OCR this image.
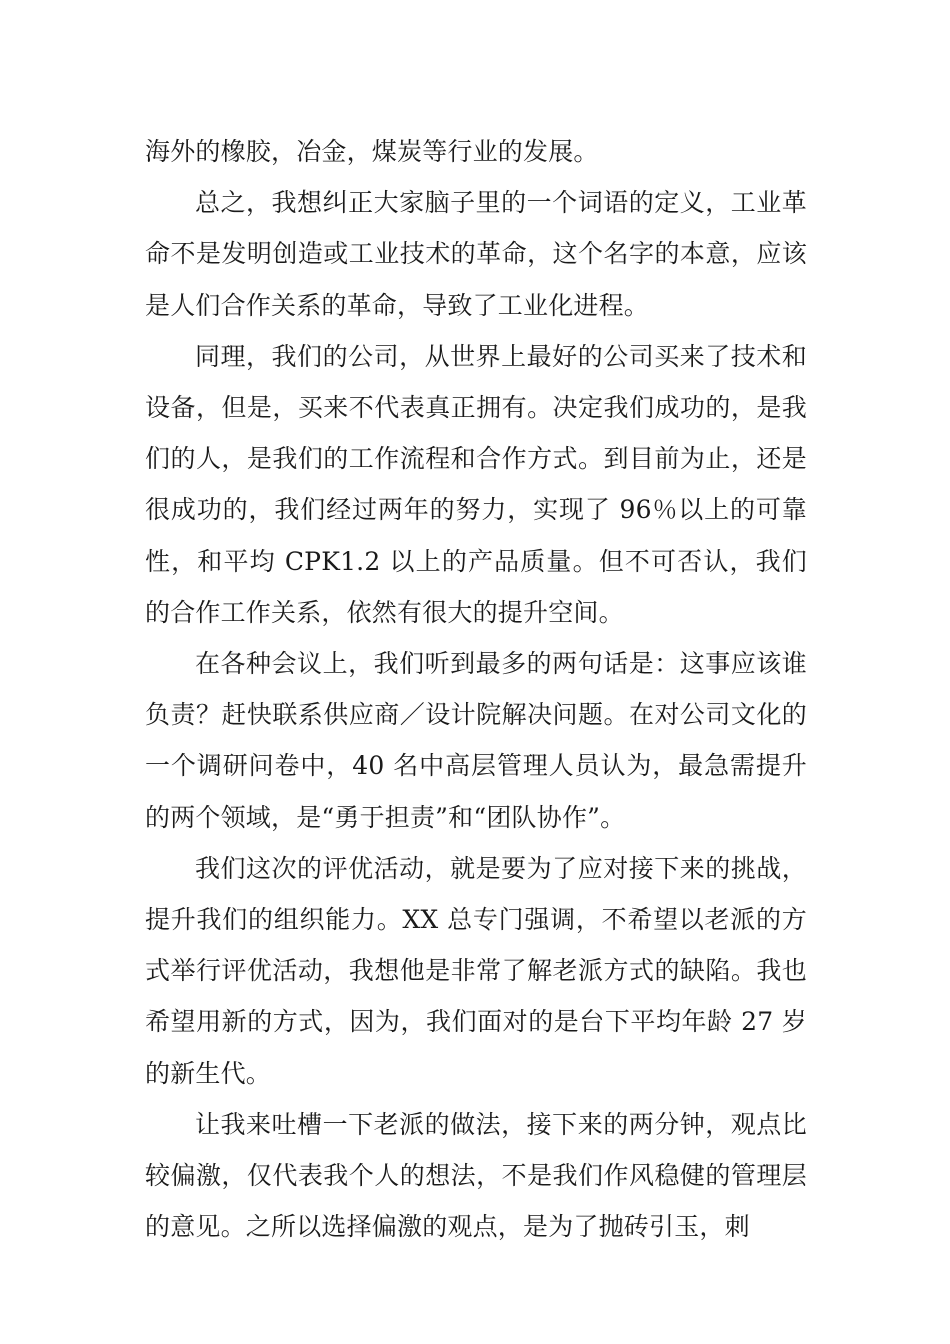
海外的橡胶，冶金，煤炭等行业的发展。

总之，我想纠正大家脑子里的一个词语的定义，工业革命不是发明创造或工业技术的革命，这个名字的本意，应该是人们合作关系的革命，导致了工业化进程。

同理，我们的公司，从世界上最好的公司买来了技术和设备，但是，买来不代表真正拥有。决定我们成功的，是我们的人，是我们的工作流程和合作方式。到目前为止，还是很成功的，我们经过两年的努力，实现了 96％以上的可靠性，和平均 CPK1.2 以上的产品质量。但不可否认，我们的合作工作关系，依然有很大的提升空间。

在各种会议上，我们听到最多的两句话是：这事应该谁负责？赶快联系供应商／设计院解决问题。在对公司文化的一个调研问卷中，40 名中高层管理人员认为，最急需提升的两个领域，是“勇于担责”和“团队协作”。

我们这次的评优活动，就是要为了应对接下来的挑战，提升我们的组织能力。XX 总专门强调，不希望以老派的方式举行评优活动，我想他是非常了解老派方式的缺陷。我也希望用新的方式，因为，我们面对的是台下平均年龄 27 岁的新生代。

让我来吐槽一下老派的做法，接下来的两分钟，观点比较偏激，仅代表我个人的想法，不是我们作风稳健的管理层的意见。之所以选择偏激的观点，是为了抛砖引玉，刺
